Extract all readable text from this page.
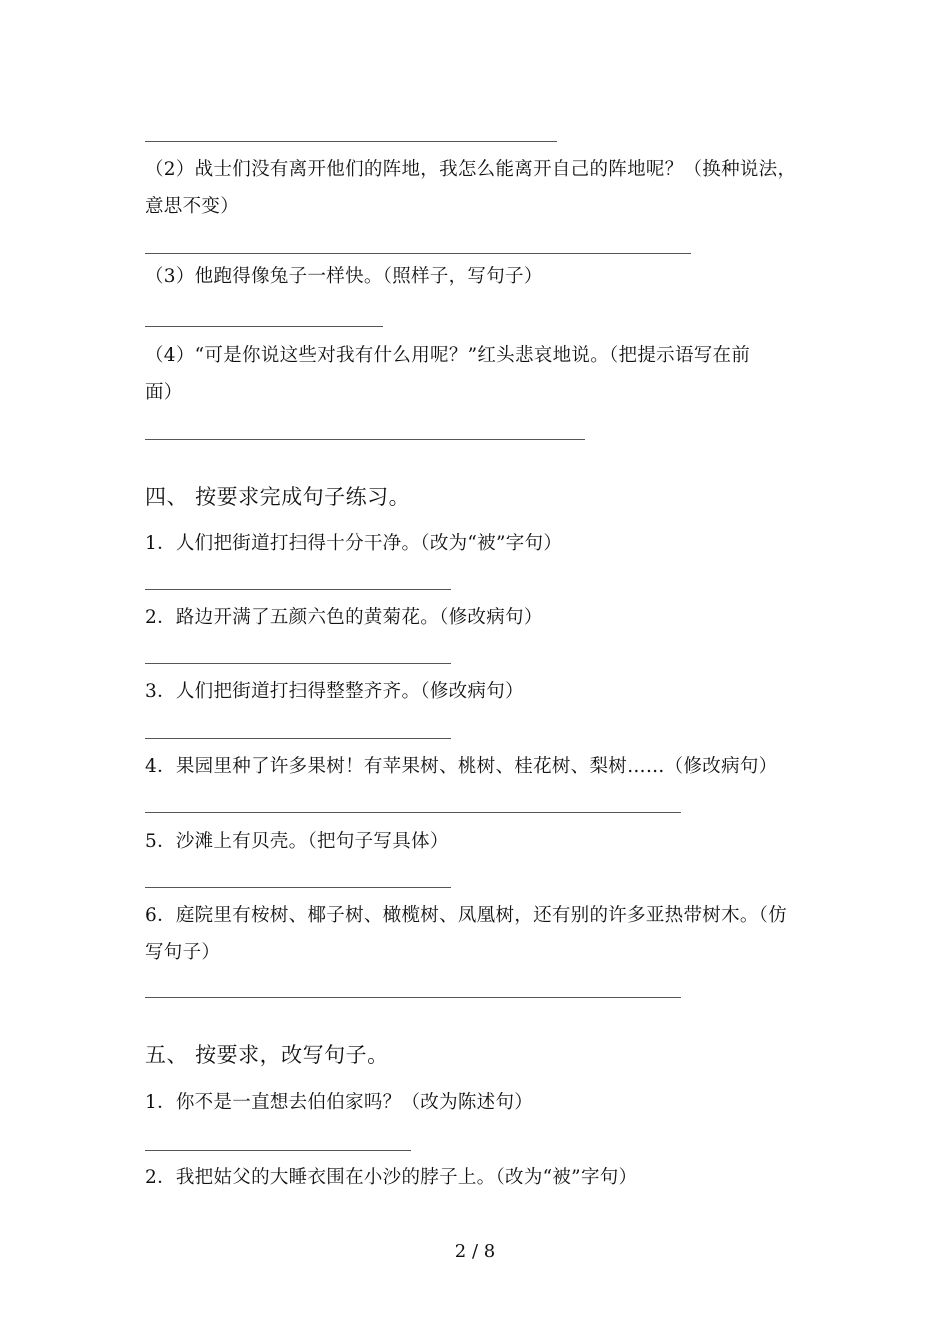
（2）战士们没有离开他们的阵地，我怎么能离开自己的阵地呢？（换种说法，
意思不变）
（3）他跑得像兔子一样快。（照样子，写句子）
（4）“可是你说这些对我有什么用呢？”红头悲哀地说。（把提示语写在前
面）
四、 按要求完成句子练习。
1．人们把街道打扫得十分干净。（改为“被”字句）
2．路边开满了五颜六色的黄菊花。（修改病句）
3．人们把街道打扫得整整齐齐。（修改病句）
4．果园里种了许多果树！有苹果树、桃树、桂花树、梨树……（修改病句）
5．沙滩上有贝壳。（把句子写具体）
6．庭院里有桉树、椰子树、橄榄树、凤凰树，还有别的许多亚热带树木。（仿
写句子）
五、 按要求，改写句子。
1．你不是一直想去伯伯家吗？（改为陈述句）
2．我把姑父的大睡衣围在小沙的脖子上。（改为“被”字句）
2 / 8
